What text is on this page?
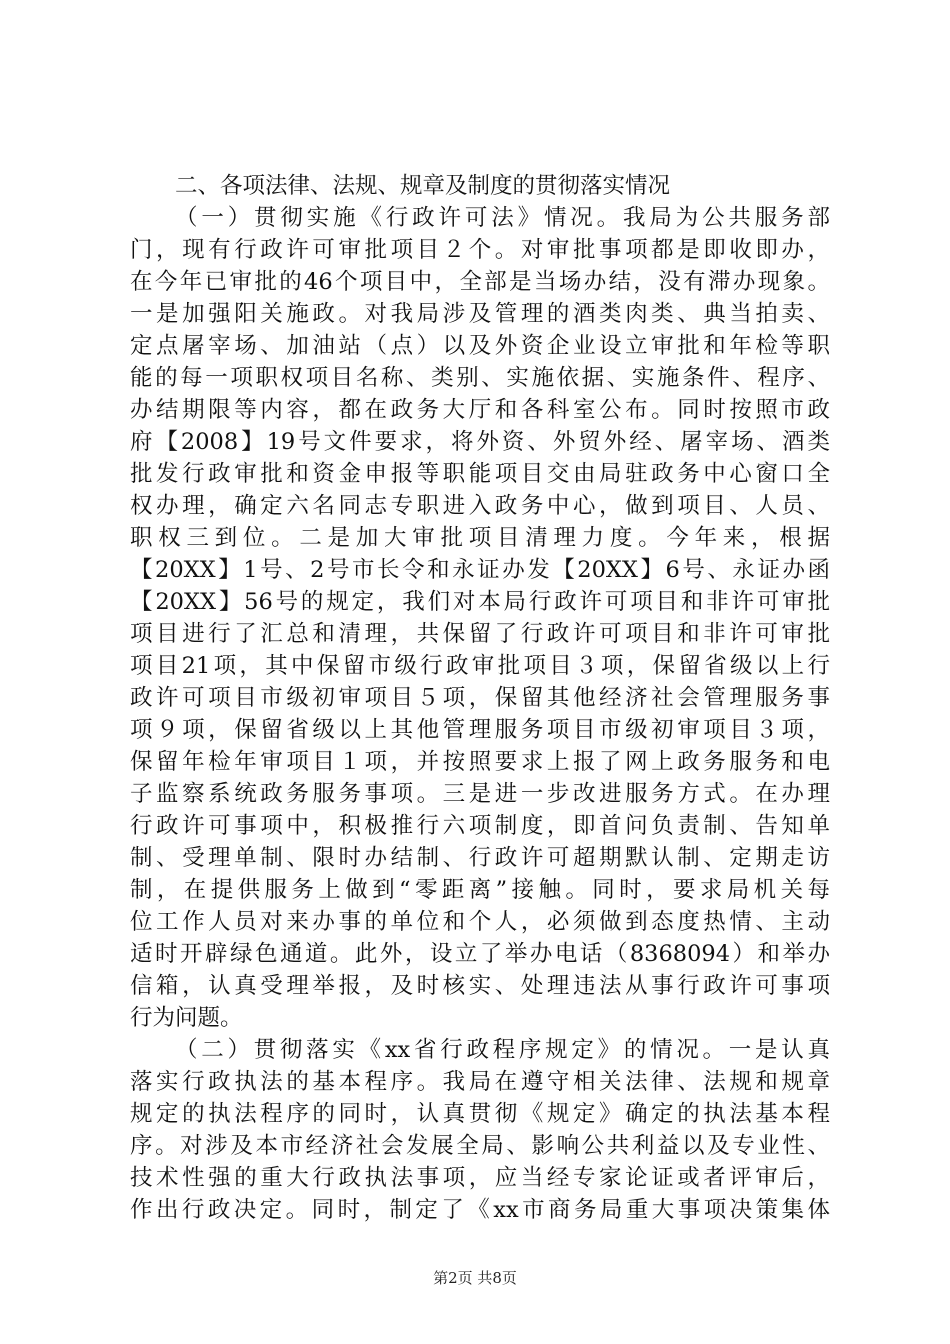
二、各项法律、法规、规章及制度的贯彻落实情况
（一）贯彻实施《行政许可法》情况。我局为公共服务部
门，现有行政许可审批项目２个。对审批事项都是即收即办，
在今年已审批的46个项目中，全部是当场办结，没有滞办现象。
一是加强阳关施政。对我局涉及管理的酒类肉类、典当拍卖、
定点屠宰场、加油站（点）以及外资企业设立审批和年检等职
能的每一项职权项目名称、类别、实施依据、实施条件、程序、
办结期限等内容，都在政务大厅和各科室公布。同时按照市政
府【2008】19号文件要求，将外资、外贸外经、屠宰场、酒类
批发行政审批和资金申报等职能项目交由局驻政务中心窗口全
权办理，确定六名同志专职进入政务中心，做到项目、人员、
职权三到位。二是加大审批项目清理力度。今年来，根据
【20XX】1号、2号市长令和永证办发【20XX】6号、永证办函
【20XX】56号的规定，我们对本局行政许可项目和非许可审批
项目进行了汇总和清理，共保留了行政许可项目和非许可审批
项目21项，其中保留市级行政审批项目３项，保留省级以上行
政许可项目市级初审项目５项，保留其他经济社会管理服务事
项９项，保留省级以上其他管理服务项目市级初审项目３项，
保留年检年审项目１项，并按照要求上报了网上政务服务和电
子监察系统政务服务事项。三是进一步改进服务方式。在办理
行政许可事项中，积极推行六项制度，即首问负责制、告知单
制、受理单制、限时办结制、行政许可超期默认制、定期走访
制，在提供服务上做到“零距离”接触。同时，要求局机关每
位工作人员对来办事的单位和个人，必须做到态度热情、主动
适时开辟绿色通道。此外，设立了举办电话（8368094）和举办
信箱，认真受理举报，及时核实、处理违法从事行政许可事项
行为问题。
（二）贯彻落实《xx省行政程序规定》的情况。一是认真
落实行政执法的基本程序。我局在遵守相关法律、法规和规章
规定的执法程序的同时，认真贯彻《规定》确定的执法基本程
序。对涉及本市经济社会发展全局、影响公共利益以及专业性、
技术性强的重大行政执法事项，应当经专家论证或者评审后，
作出行政决定。同时，制定了《xx市商务局重大事项决策集体
第2页 共8页
